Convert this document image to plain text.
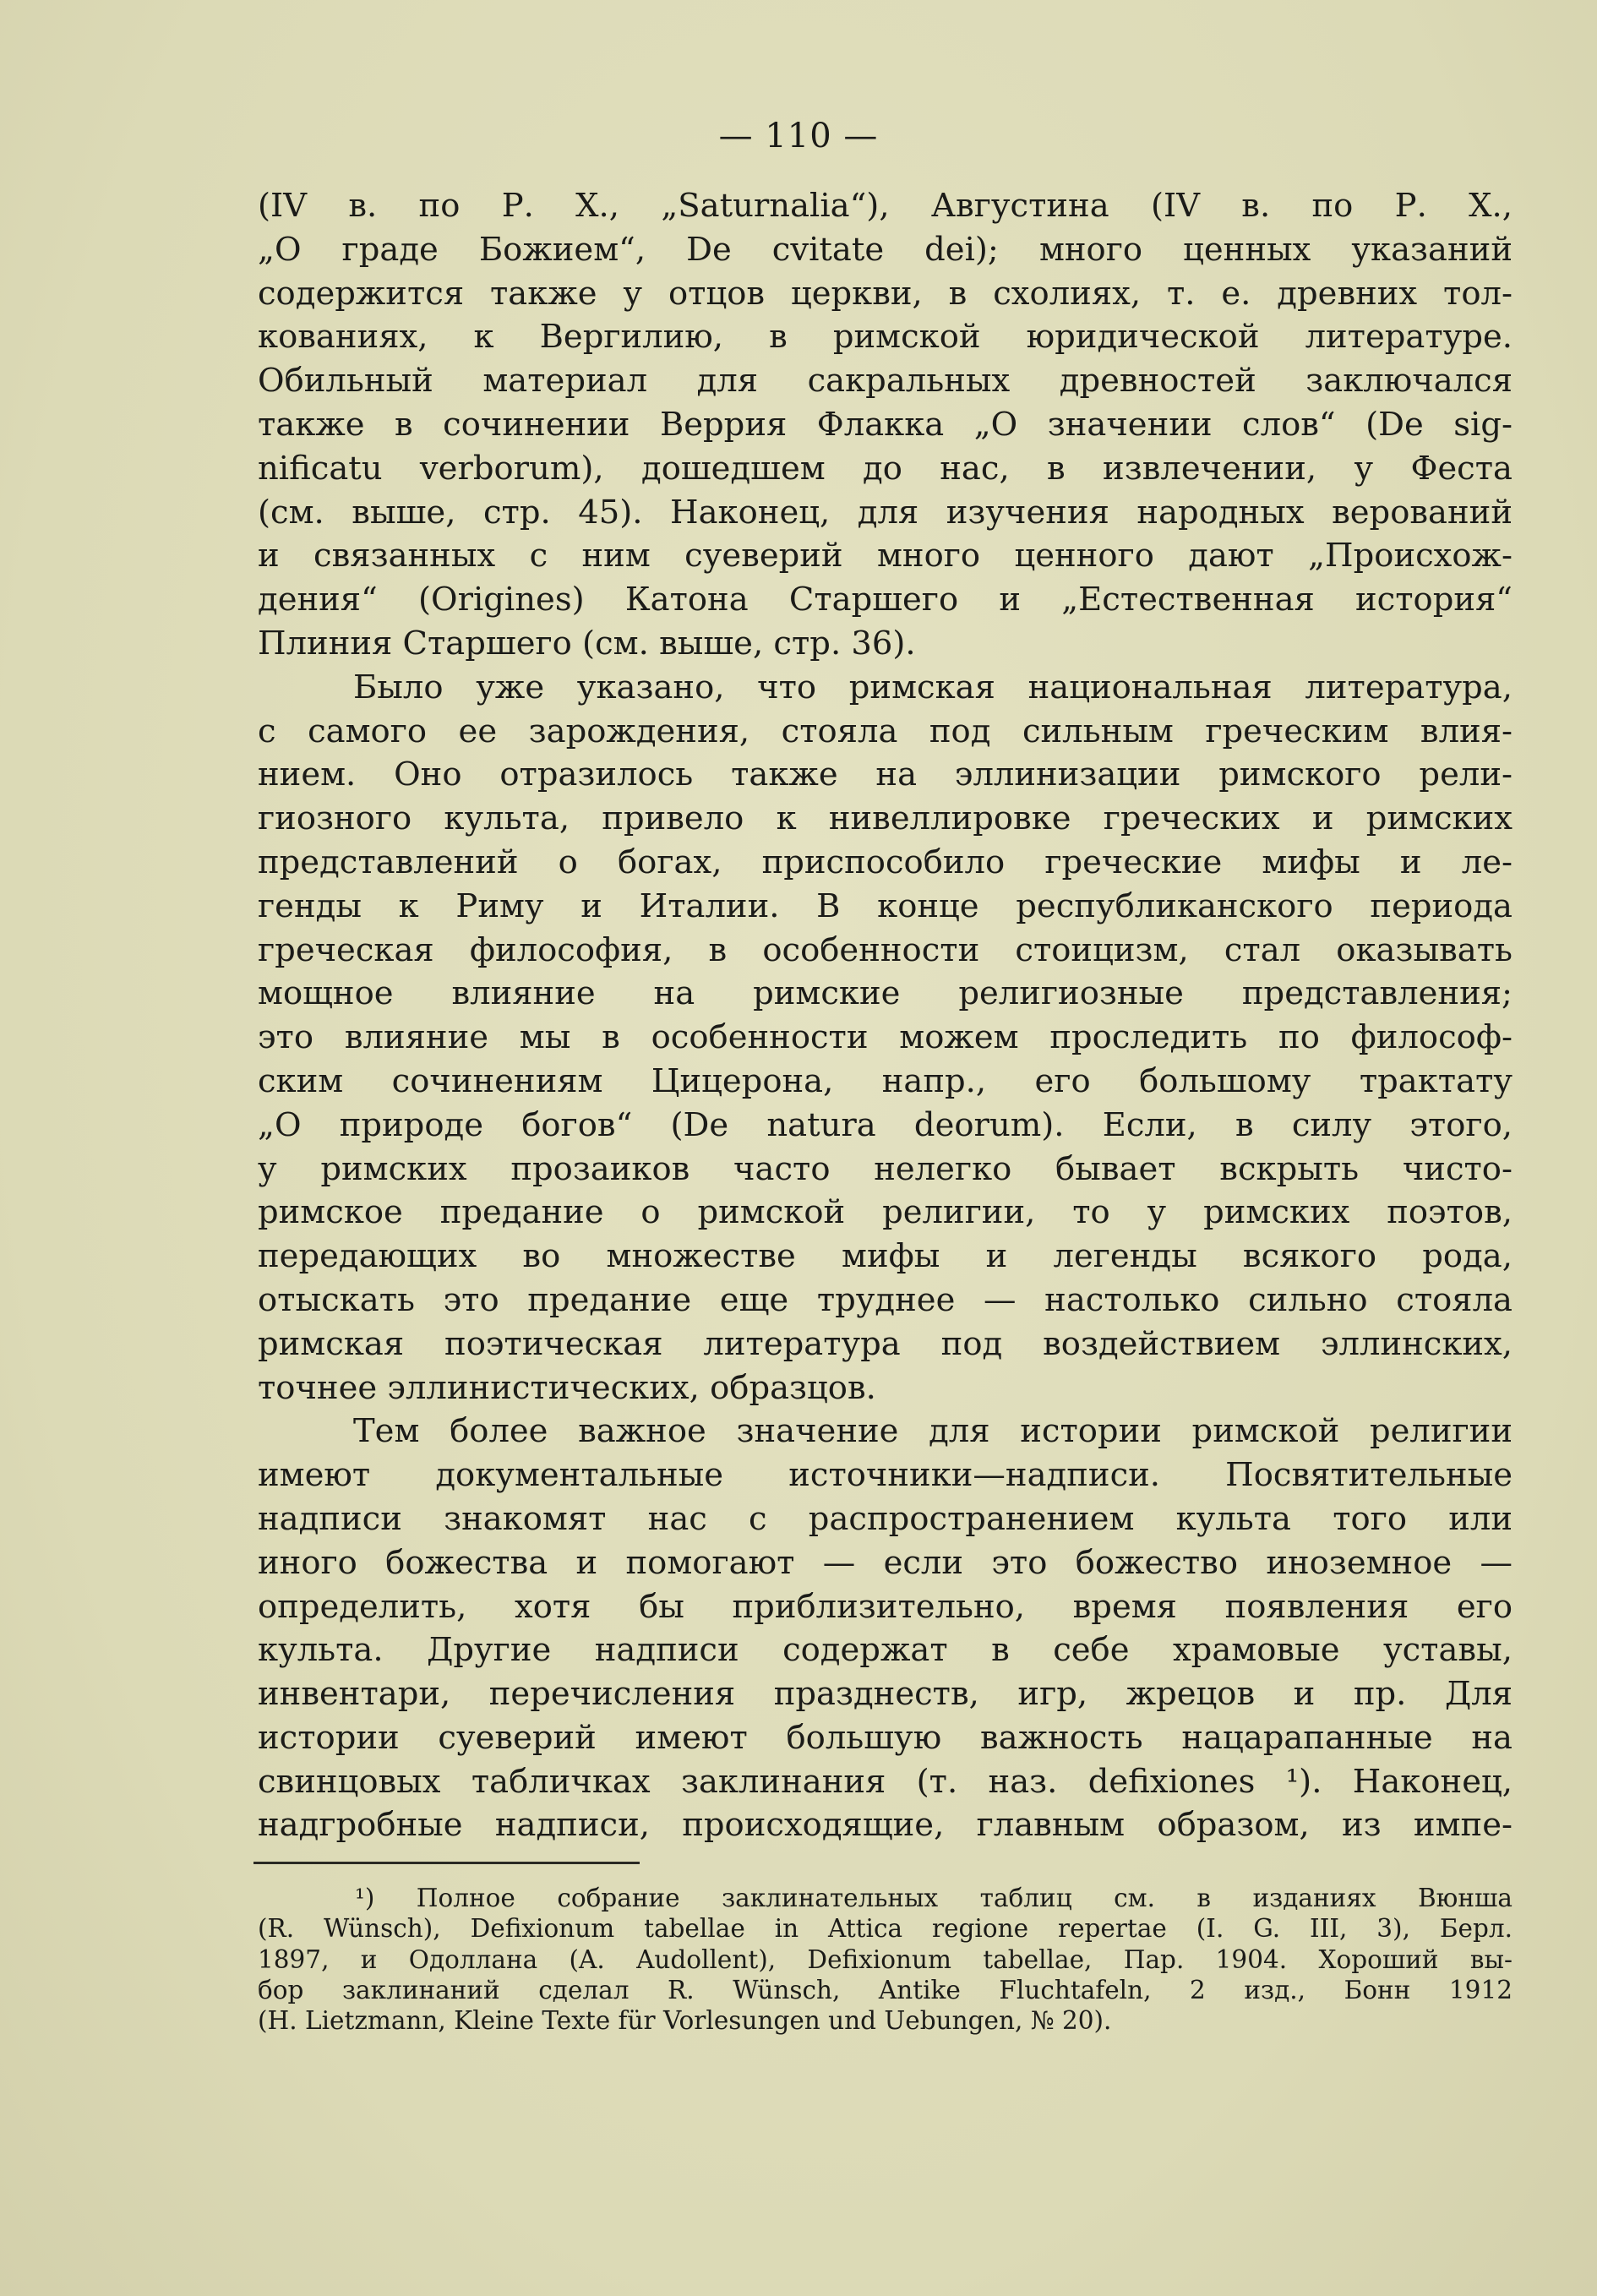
— 110 —
(IV в. по Р. Х., „Saturnalia“), Августина (IV в. по Р. Х.,
„О граде Божием“, De cvitate dei); много ценных указаний
содержится также у отцов церкви, в схолиях, т. е. древних тол-
кованиях, к Вергилию, в римской юридической литературе.
Обильный материал для сакральных древностей заключался
также в сочинении Веррия Флакка „О значении слов“ (De sig-
nificatu verborum), дошедшем до нас, в извлечении, у Феста
(см. выше, стр. 45). Наконец, для изучения народных верований
и связанных с ним суеверий много ценного дают „Происхож-
дения“ (Origines) Катона Старшего и „Естественная история“
Плиния Старшего (см. выше, стр. 36).
Было уже указано, что римская национальная литература,
с самого ее зарождения, стояла под сильным греческим влия-
нием. Оно отразилось также на эллинизации римского рели-
гиозного культа, привело к нивеллировке греческих и римских
представлений о богах, приспособило греческие мифы и ле-
генды к Риму и Италии. В конце республиканского периода
греческая философия, в особенности стоицизм, стал оказывать
мощное влияние на римские религиозные представления;
это влияние мы в особенности можем проследить по философ-
ским сочинениям Цицерона, напр., его большому трактату
„О природе богов“ (De natura deorum). Если, в силу этого,
у римских прозаиков часто нелегко бывает вскрыть чисто-
римское предание о римской религии, то у римских поэтов,
передающих во множестве мифы и легенды всякого рода,
отыскать это предание еще труднее — настолько сильно стояла
римская поэтическая литература под воздействием эллинских,
точнее эллинистических, образцов.
Тем более важное значение для истории римской религии
имеют документальные источники—надписи. Посвятительные
надписи знакомят нас с распространением культа того или
иного божества и помогают — если это божество иноземное —
определить, хотя бы приблизительно, время появления его
культа. Другие надписи содержат в себе храмовые уставы,
инвентари, перечисления празднеств, игр, жрецов и пр. Для
истории суеверий имеют большую важность нацарапанные на
свинцовых табличках заклинания (т. наз. defixiones ¹). Наконец,
надгробные надписи, происходящие, главным образом, из импе-
¹) Полное собрание заклинательных таблиц см. в изданиях Вюнша
(R. Wünsch), Defixionum tabellae in Attica regione repertae (I. G. III, 3), Берл.
1897, и Одоллана (A. Audollent), Defixionum tabellae, Пар. 1904. Хороший вы-
бор заклинаний сделал R. Wünsch, Antike Fluchtafeln, 2 изд., Бонн 1912
(H. Lietzmann, Kleine Texte für Vorlesungen und Uebungen, № 20).
